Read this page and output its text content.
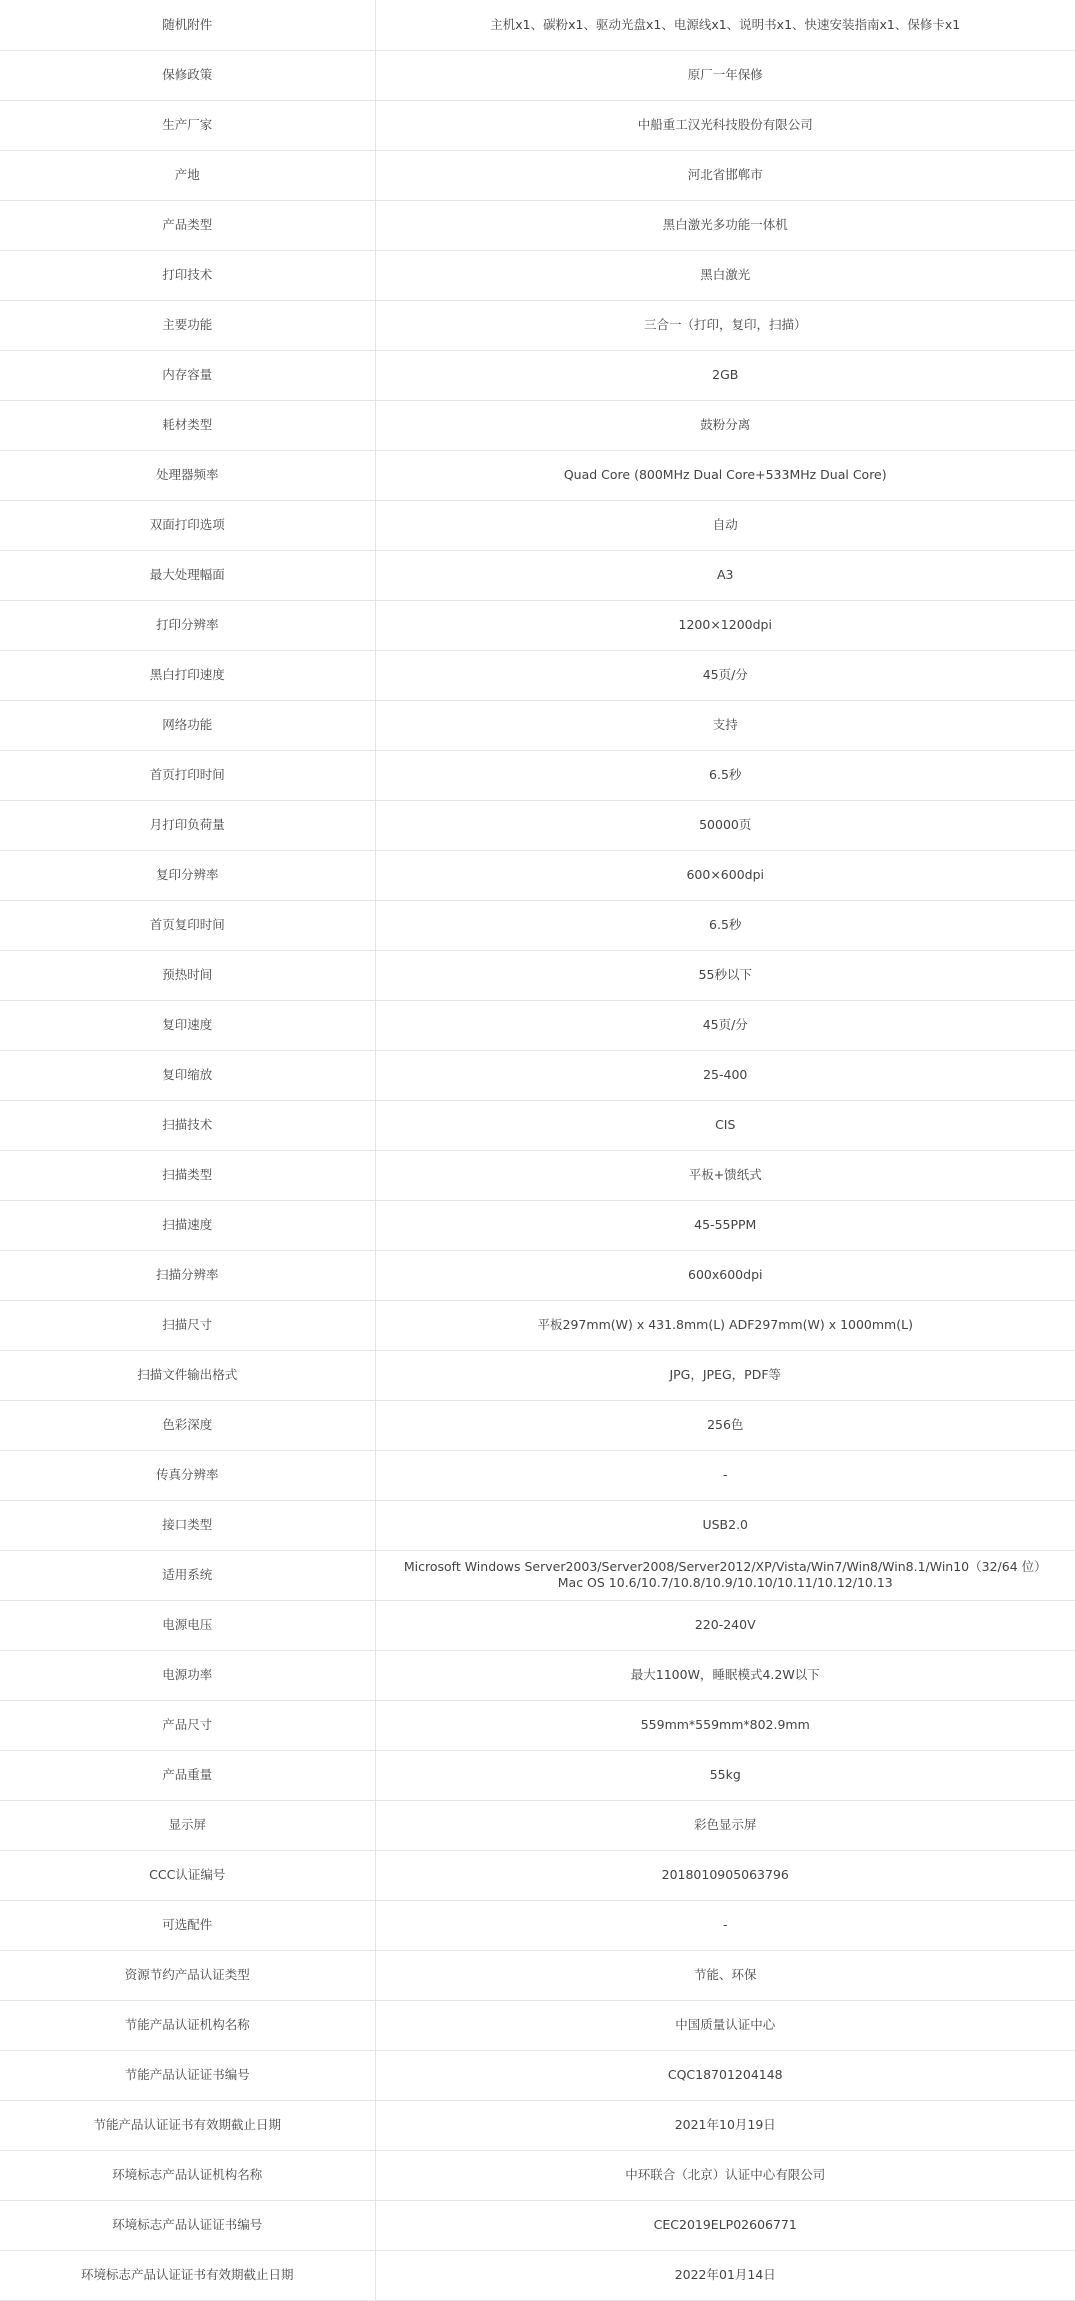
随机附件	主机x1、碳粉x1、驱动光盘x1、电源线x1、说明书x1、快速安装指南x1、保修卡x1
保修政策	原厂一年保修
生产厂家	中船重工汉光科技股份有限公司
产地	河北省邯郸市
产品类型	黑白激光多功能一体机
打印技术	黑白激光
主要功能	三合一（打印，复印，扫描）
内存容量	2GB
耗材类型	鼓粉分离
处理器频率	Quad Core (800MHz Dual Core+533MHz Dual Core)
双面打印选项	自动
最大处理幅面	A3
打印分辨率	1200×1200dpi
黑白打印速度	45页/分
网络功能	支持
首页打印时间	6.5秒
月打印负荷量	50000页
复印分辨率	600×600dpi
首页复印时间	6.5秒
预热时间	55秒以下
复印速度	45页/分
复印缩放	25-400
扫描技术	CIS
扫描类型	平板+馈纸式
扫描速度	45-55PPM
扫描分辨率	600x600dpi
扫描尺寸	平板297mm(W) x 431.8mm(L) ADF297mm(W) x 1000mm(L)
扫描文件输出格式	JPG，JPEG，PDF等
色彩深度	256色
传真分辨率	-
接口类型	USB2.0
适用系统	Microsoft Windows Server2003/Server2008/Server2012/XP/Vista/Win7/Win8/Win8.1/Win10（32/64 位） Mac OS 10.6/10.7/10.8/10.9/10.10/10.11/10.12/10.13
电源电压	220-240V
电源功率	最大1100W，睡眠模式4.2W以下
产品尺寸	559mm*559mm*802.9mm
产品重量	55kg
显示屏	彩色显示屏
CCC认证编号	2018010905063796
可选配件	-
资源节约产品认证类型	节能、环保
节能产品认证机构名称	中国质量认证中心
节能产品认证证书编号	CQC18701204148
节能产品认证证书有效期截止日期	2021年10月19日
环境标志产品认证机构名称	中环联合（北京）认证中心有限公司
环境标志产品认证证书编号	CEC2019ELP02606771
环境标志产品认证证书有效期截止日期	2022年01月14日
